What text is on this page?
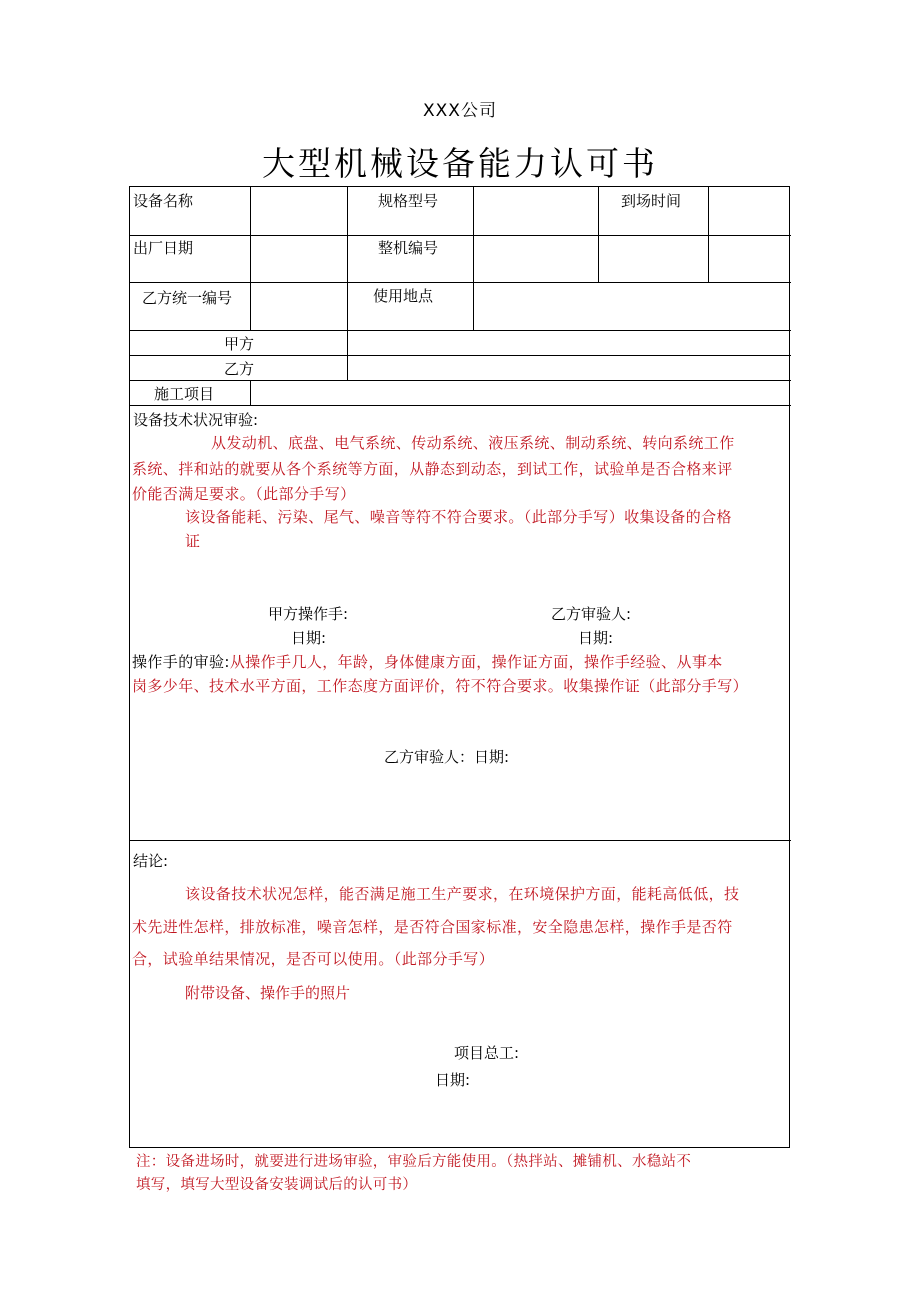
XXX公司
大型机械设备能力认可书
设备名称	规格型号	到场时间
出厂日期	整机编号
乙方统一编号	使用地点
甲方
乙方
施工项目
设备技术状况审验:
从发动机、底盘、电气系统、传动系统、液压系统、制动系统、转向系统工作
系统、拌和站的就要从各个系统等方面，从静态到动态，到试工作，试验单是否合格来评
价能否满足要求。（此部分手写）
该设备能耗、污染、尾气、噪音等符不符合要求。（此部分手写）收集设备的合格
证
甲方操作手:	乙方审验人:
日期:	日期:
操作手的审验:从操作手几人，年龄，身体健康方面，操作证方面，操作手经验、从事本
岗多少年、技术水平方面，工作态度方面评价，符不符合要求。收集操作证（此部分手写）
乙方审验人：日期:
结论:
该设备技术状况怎样，能否满足施工生产要求，在环境保护方面，能耗高低低，技
术先进性怎样，排放标准，噪音怎样，是否符合国家标准，安全隐患怎样，操作手是否符
合，试验单结果情况，是否可以使用。（此部分手写）
附带设备、操作手的照片
项目总工:
日期:
注：设备进场时，就要进行进场审验，审验后方能使用。（热拌站、摊铺机、水稳站不
填写，填写大型设备安装调试后的认可书）
